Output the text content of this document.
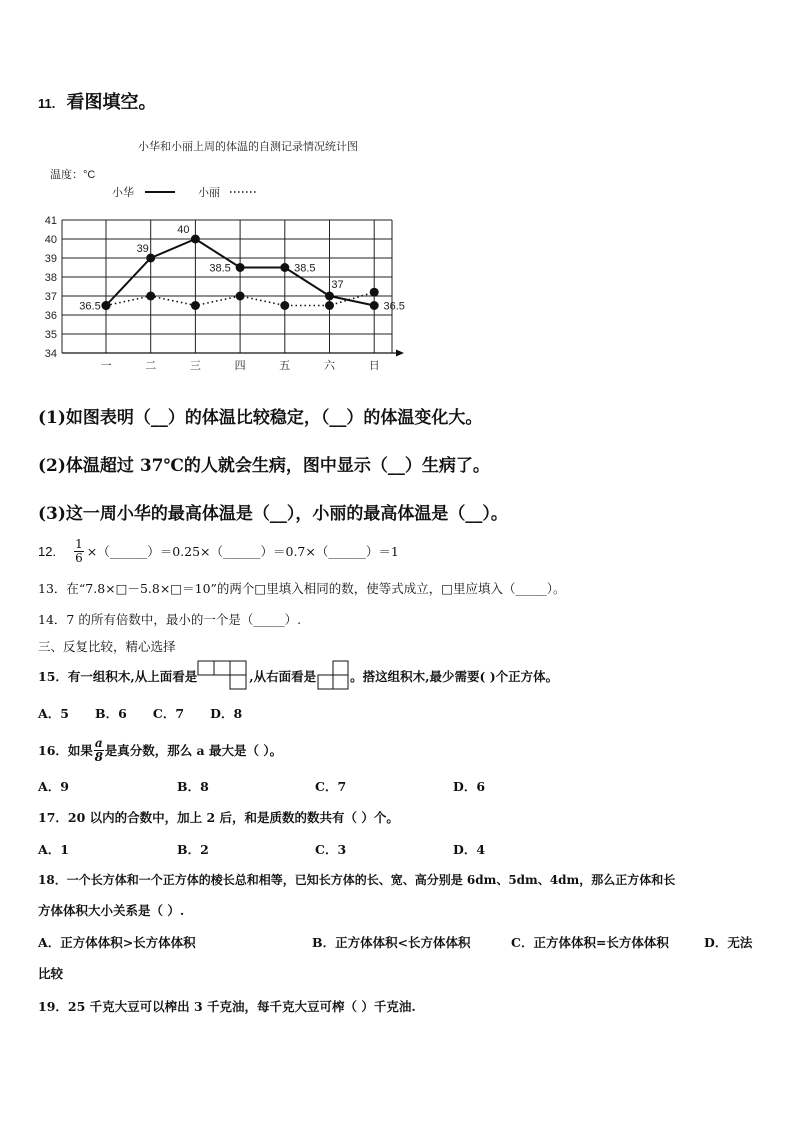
11. 看图填空。
小华和小丽上周的体温的自测记录情况统计图
温度：°C
小华	小丽
41
40
39
38
37
36
35
34
一	二	三	四	五	六	日
36.5
39
40
38.5	38.5
37
36.5
(1)如图表明（__）的体温比较稳定，（__）的体温变化大。
(2)体温超过 37℃的人就会生病，图中显示（__）生病了。
(3)这一周小华的最高体温是（__），小丽的最高体温是（__）。
12. $\frac{1}{6}$ ×（______）＝0.25×（______）＝0.7×（______）＝1
13．在“7.8×□－5.8×□＝10”的两个□里填入相同的数，使等式成立，□里应填入（_____）。
14．7 的所有倍数中，最小的一个是（_____）.
三、反复比较，精心选择
15．有一组积木,从上面看是	,从右面看是	。搭这组积木,最少需要( )个正方体。
A．5      B．6      C．7      D．8
16．如果 $\frac{a}{8}$ 是真分数，那么 a 最大是（ ）。
A．9	B．8	C．7	D．6
17．20 以内的合数中，加上 2 后，和是质数的数共有（ ）个。
A．1	B．2	C．3	D．4
18．一个长方体和一个正方体的棱长总和相等，已知长方体的长、宽、高分别是 6dm、5dm、4dm，那么正方体和长
方体体积大小关系是（ ）.
A．正方体体积>长方体体积	B．正方体体积<长方体体积	C．正方体体积=长方体体积	D．无法
比较
19．25 千克大豆可以榨出 3 千克油，每千克大豆可榨（ ）千克油.
